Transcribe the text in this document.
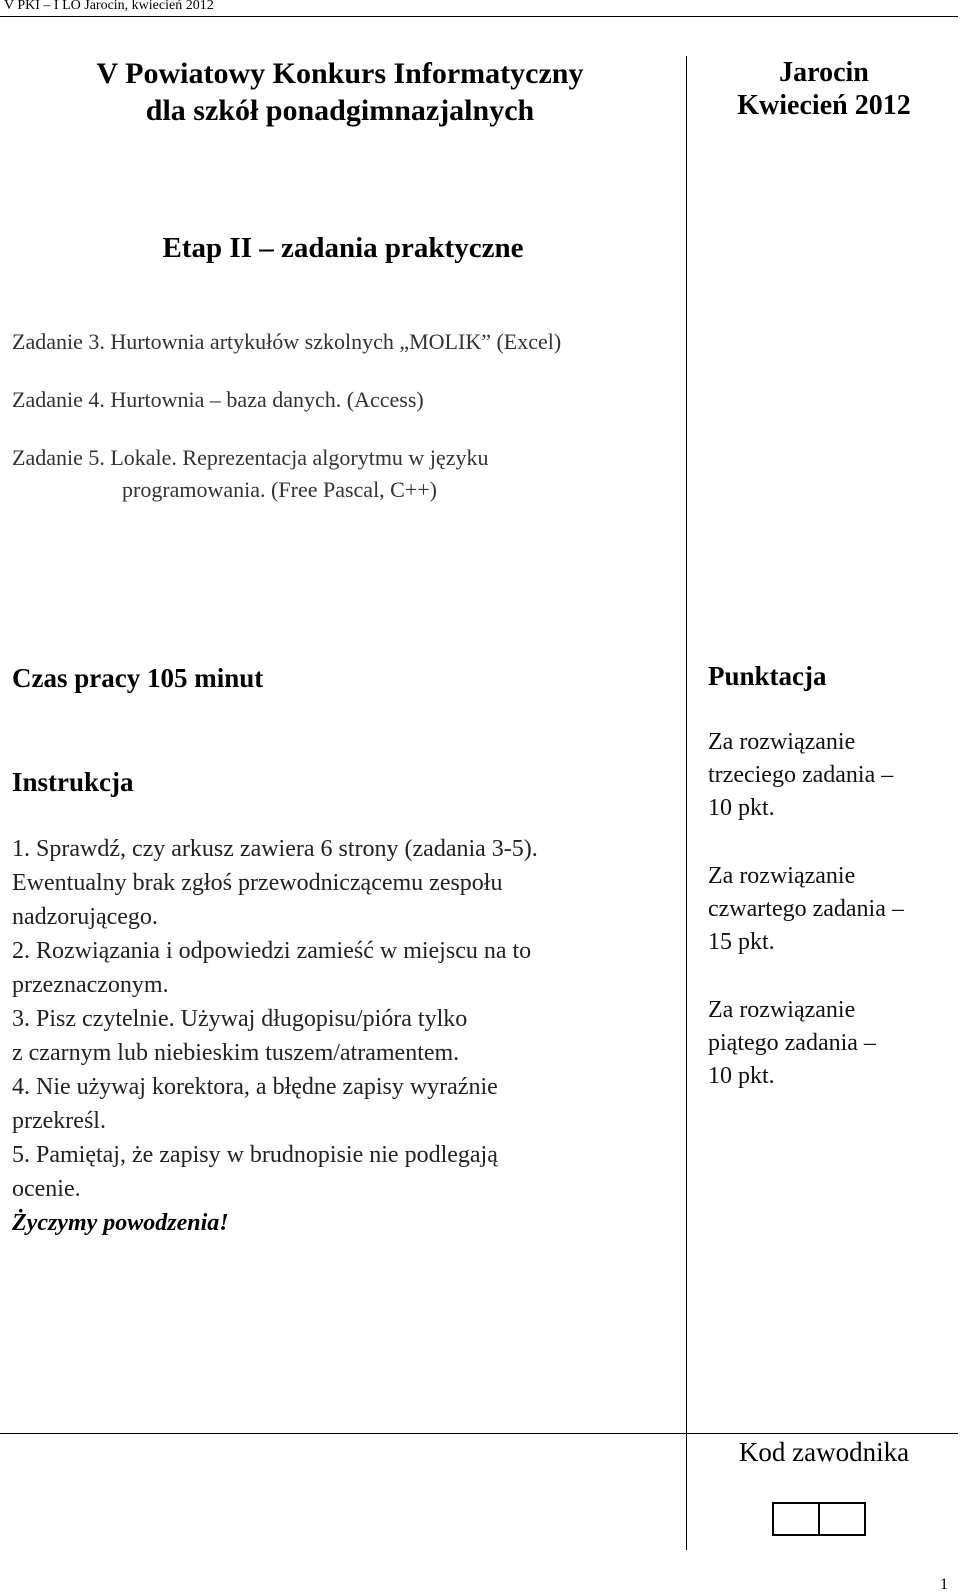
V PKI – I LO Jarocin, kwiecień 2012
V Powiatowy Konkurs Informatyczny
dla szkół ponadgimnazjalnych
Jarocin
Kwiecień 2012
Etap II – zadania praktyczne
Zadanie 3. Hurtownia artykułów szkolnych „MOLIK” (Excel)
Zadanie 4. Hurtownia – baza danych. (Access)
Zadanie 5. Lokale. Reprezentacja algorytmu w języku
programowania. (Free Pascal, C++)
Czas pracy 105 minut
Instrukcja
1. Sprawdź, czy arkusz zawiera 6 strony (zadania 3-5).
Ewentualny brak zgłoś przewodniczącemu zespołu
nadzorującego.
2. Rozwiązania i odpowiedzi zamieść w miejscu na to
przeznaczonym.
3. Pisz czytelnie. Używaj długopisu/pióra tylko
z czarnym lub niebieskim tuszem/atramentem.
4. Nie używaj korektora, a błędne zapisy wyraźnie
przekreśl.
5. Pamiętaj, że zapisy w brudnopisie nie podlegają
ocenie.
Życzymy powodzenia!
Punktacja
Za rozwiązanie
trzeciego zadania –
10 pkt.
Za rozwiązanie
czwartego zadania –
15 pkt.
Za rozwiązanie
piątego zadania –
10 pkt.
Kod zawodnika
1
